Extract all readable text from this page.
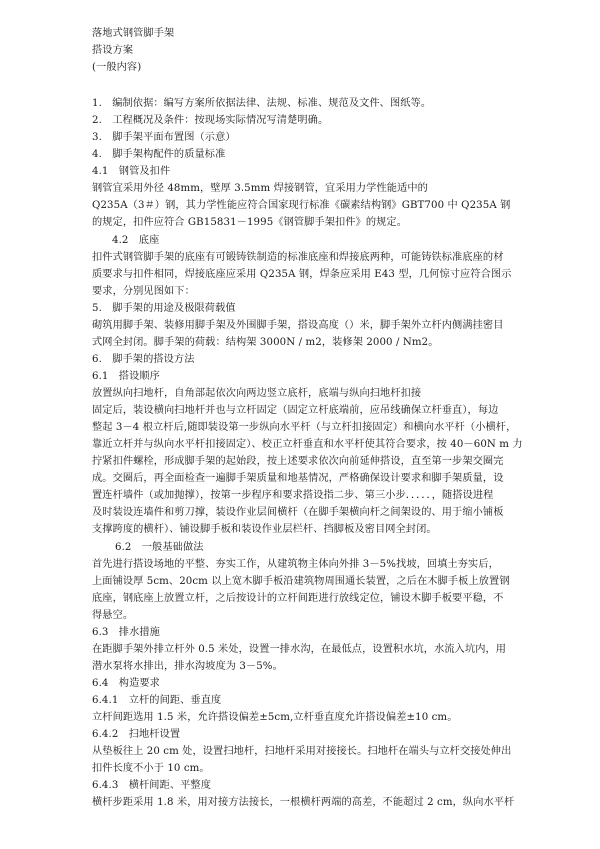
落地式钢管脚手架
搭设方案
(一般内容)
1.　编制依据：编写方案所依据法律、法规、标准、规范及文件、图纸等。
2.　工程概况及条件：按现场实际情况写清楚明确。
3.　脚手架平面布置图（示意）
4.　脚手架构配件的质量标准
4.1　钢管及扣件
钢管宜采用外径 48mm，壁厚 3.5mm 焊接钢管，宜采用力学性能适中的
Q235A（3＃）钢，其力学性能应符合国家现行标准《碳素结构钢》GBT700 中 Q235A 钢
的规定，扣件应符合 GB15831－1995《钢管脚手架扣件》的规定。
4.2　底座
扣件式钢管脚手架的底座有可锻铸铁制造的标准底座和焊接底两种，可能铸铁标准底座的材
质要求与扣件相同，焊接底座应采用 Q235A 钢，焊条应采用 E43 型，几何惊寸应符合图示
要求，分别见图如下：
5.　脚手架的用途及极限荷载值
砌筑用脚手架、装修用脚手架及外围脚手架，搭设高度（）米，脚手架外立杆内侧满挂密目
式网全封闭。脚手架的荷载：结构架 3000N / m2，装修架 2000 / Nm2。
6.　脚手架的搭设方法
6.1　搭设顺序
放置纵向扫地杆，自角部起依次向两边竖立底杆，底端与纵向扫地杆扣接
固定后，装设横向扫地杆并也与立杆固定（固定立杆底端前，应吊线确保立杆垂直），每边
整起 3－4 根立杆后,随即装设第一步纵向水平杆（与立杆扣接固定）和横向水平杆（小横杆，
靠近立杆并与纵向水平杆扣接固定）、校正立杆垂直和水平杆使其符合要求，按 40－60N m 力
拧紧扣件螺栓，形成脚手架的起始段，按上述要求依次向前延伸搭设，直至第一步架交圈完
成。交圈后，再全面检查一遍脚手架质量和地基情况，严格确保设计要求和脚手架质量，设
置连杆墙件（或加抛撑），按第一步程序和要求搭设指二步、第三小步．．．．．，随搭设进程
及时装设连墙件和剪刀撑，装设作业层间横杆（在脚手架横向杆之间架设的、用于缩小铺板
支撑跨度的横杆）、铺设脚手板和装设作业层栏杆、挡脚板及密目网全封闭。
6.2　一般基础做法
首先进行搭设场地的平整、夯实工作，从建筑物主体向外排 3－5%找坡，回填土夯实后，
上面铺设厚 5cm、20cm 以上宽木脚手板沿建筑物周围通长装置，之后在木脚手板上放置钢
底座，钢底座上放置立杆，之后按设计的立杆间距进行放线定位，铺设木脚手板要平稳，不
得悬空。
6.3　排水措施
在距脚手架外排立杆外 0.5 米处，设置一排水沟，在最低点，设置积水坑，水流入坑内，用
潜水泵将水排出，排水沟坡度为 3－5%。
6.4　构造要求
6.4.1　立杆的间距、垂直度
立杆间距选用 1.5 米，允许搭设偏差±5cm,立杆垂直度允许搭设偏差±10 cm。
6.4.2　扫地杆设置
从垫板往上 20 cm 处，设置扫地杆，扫地杆采用对接接长。扫地杆在端头与立杆交接处伸出
扣件长度不小于 10 cm。
6.4.3　横杆间距、平整度
横杆步距采用 1.8 米，用对接方法接长，一根横杆两端的高差，不能超过 2 cm，纵向水平杆
